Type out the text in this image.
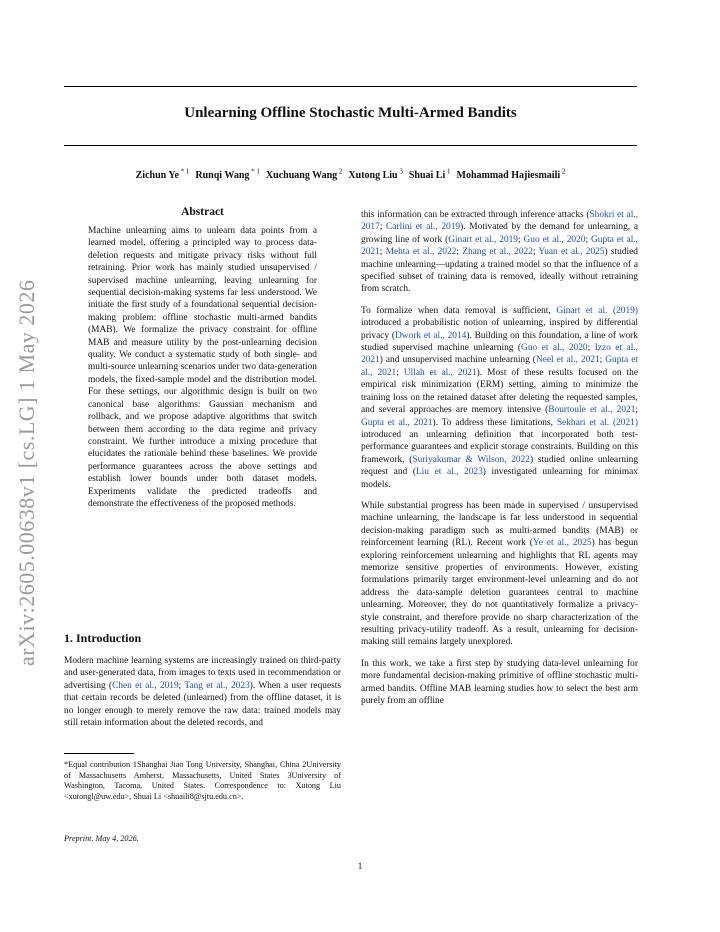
arXiv:2605.00638v1 [cs.LG] 1 May 2026
Unlearning Offline Stochastic Multi-Armed Bandits
Zichun Ye $^{* 1}$ Runqi Wang $^{* 1}$ Xuchuang Wang $^2$ Xutong Liu $^3$ Shuai Li $^1$ Mohammad Hajiesmaili $^2$
Abstract

Machine unlearning aims to unlearn data points from a learned model, offering a principled way to process data-deletion requests and mitigate privacy risks without full retraining. Prior work has mainly studied unsupervised / supervised machine unlearning, leaving unlearning for sequential decision-making systems far less understood. We initiate the first study of a foundational sequential decision-making problem: offline stochastic multi-armed bandits (MAB). We formalize the privacy constraint for offline MAB and measure utility by the post-unlearning decision quality. We conduct a systematic study of both single- and multi-source unlearning scenarios under two data-generation models, the fixed-sample model and the distribution model. For these settings, our algorithmic design is built on two canonical base algorithms: Gaussian mechanism and rollback, and we propose adaptive algorithms that switch between them according to the data regime and privacy constraint. We further introduce a mixing procedure that elucidates the rationale behind these baselines. We provide performance guarantees across the above settings and establish lower bounds under both dataset models. Experiments validate the predicted tradeoffs and demonstrate the effectiveness of the proposed methods.

1. Introduction

Modern machine learning systems are increasingly trained on third-party and user-generated data, from images to texts used in recommendation or advertising (Chen et al., 2019; Tang et al., 2023). When a user requests that certain records be deleted (unlearned) from the offline dataset, it is no longer enough to merely remove the raw data: trained models may still retain information about the deleted records, and

*Equal contribution 1Shanghai Jiao Tong University, Shanghai, China 2University of Massachusetts Amherst, Massachusetts, United States 3University of Washington, Tacoma, United States. Correspondence to: Xutong Liu <xutongl@uw.edu>, Shuai Li <shuaili8@sjtu.edu.cn>.
Preprint. May 4, 2026.

this information can be extracted through inference attacks (Shokri et al., 2017; Carlini et al., 2019). Motivated by the demand for unlearning, a growing line of work (Ginart et al., 2019; Guo et al., 2020; Gupta et al., 2021; Mehta et al., 2022; Zhang et al., 2022; Yuan et al., 2025) studied machine unlearning—updating a trained model so that the influence of a specified subset of training data is removed, ideally without retraining from scratch.

To formalize when data removal is sufficient, Ginart et al. (2019) introduced a probabilistic notion of unlearning, inspired by differential privacy (Dwork et al., 2014). Building on this foundation, a line of work studied supervised machine unlearning (Guo et al., 2020; Izzo et al., 2021) and unsupervised machine unlearning (Neel et al., 2021; Gupta et al., 2021; Ullah et al., 2021). Most of these results focused on the empirical risk minimization (ERM) setting, aiming to minimize the training loss on the retained dataset after deleting the requested samples, and several approaches are memory intensive (Bourtoule et al., 2021; Gupta et al., 2021). To address these limitations, Sekhari et al. (2021) introduced an unlearning definition that incorporated both test-performance guarantees and explicit storage constraints. Building on this framework, (Suriyakumar & Wilson, 2022) studied online unlearning request and (Liu et al., 2023) investigated unlearning for minimax models.

While substantial progress has been made in supervised / unsupervised machine unlearning, the landscape is far less understood in sequential decision-making paradigm such as multi-armed bandits (MAB) or reinforcement learning (RL). Recent work (Ye et al., 2025) has begun exploring reinforcement unlearning and highlights that RL agents may memorize sensitive properties of environments. However, existing formulations primarily target environment-level unlearning and do not address the data-sample deletion guarantees central to machine unlearning. Moreover, they do not quantitatively formalize a privacy-style constraint, and therefore provide no sharp characterization of the resulting privacy-utility tradeoff. As a result, unlearning for decision-making still remains largely unexplored.

In this work, we take a first step by studying data-level unlearning for more fundamental decision-making primitive of offline stochastic multi-armed bandits. Offline MAB learning studies how to select the best arm purely from an offline

1
